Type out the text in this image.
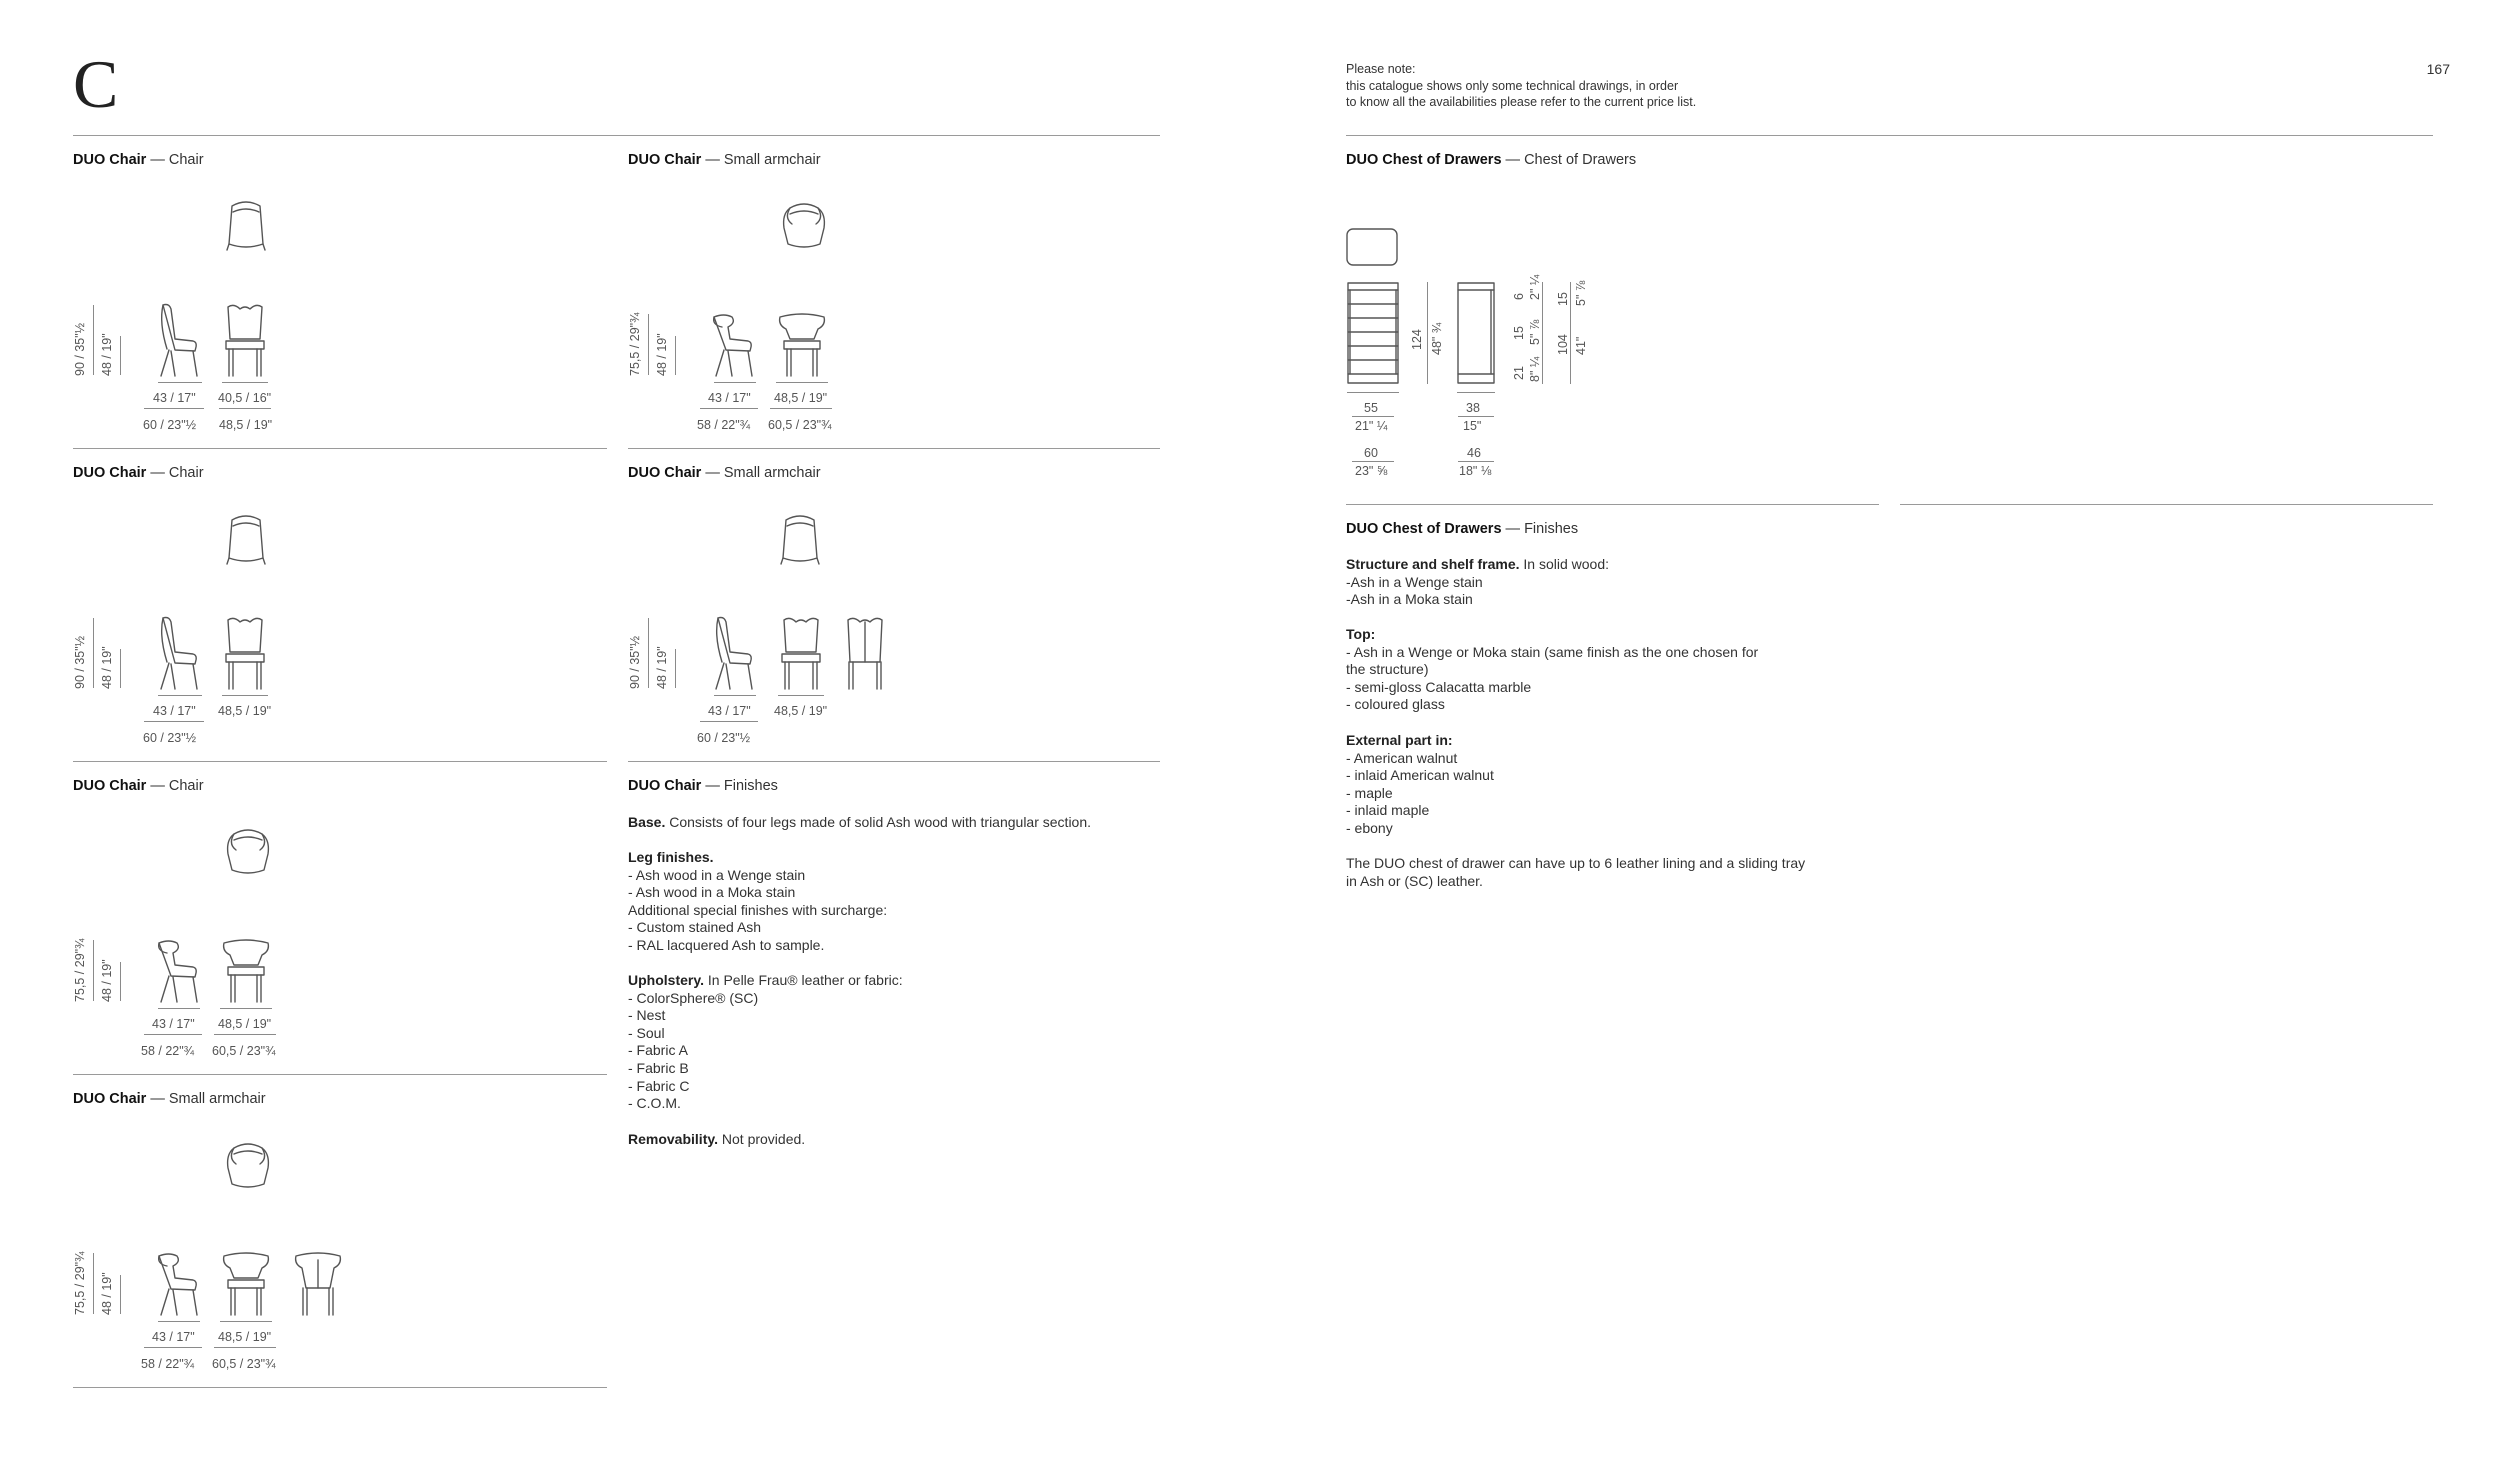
C	167
Please note:
this catalogue shows only some technical drawings, in order
to know all the availabilities please refer to the current price list.
DUO Chair — Chair
90 / 35"½ 48 / 19"
43 / 17" 40,5 / 16"
60 / 23"½ 48,5 / 19"
DUO Chair — Small armchair
75,5 / 29"¾ 48 / 19"
43 / 17" 48,5 / 19"
58 / 22"¾ 60,5 / 23"¾
DUO Chair — Chair
90 / 35"½ 48 / 19"
43 / 17" 48,5 / 19"
60 / 23"½
DUO Chair — Small armchair
90 / 35"½ 48 / 19"
43 / 17" 48,5 / 19"
60 / 23"½
DUO Chair — Chair
75,5 / 29"¾ 48 / 19"
43 / 17" 48,5 / 19"
58 / 22"¾ 60,5 / 23"¾
DUO Chair — Small armchair
75,5 / 29"¾ 48 / 19"
43 / 17" 48,5 / 19"
58 / 22"¾ 60,5 / 23"¾
DUO Chair — Finishes
Base. Consists of four legs made of solid Ash wood with triangular section.
Leg finishes.
- Ash wood in a Wenge stain
- Ash wood in a Moka stain
Additional special finishes with surcharge:
- Custom stained Ash
- RAL lacquered Ash to sample.
Upholstery. In Pelle Frau® leather or fabric:
- ColorSphere® (SC)
- Nest
- Soul
- Fabric A
- Fabric B
- Fabric C
- C.O.M.
Removability. Not provided.
DUO Chest of Drawers — Chest of Drawers
124 48" ¾
6 2" ¼
15 5" ⅞
21 8" ¼
15 5" ⅞
104 41"
55
21" ¼
60
23" ⅝
38
15"
46
18" ⅛
DUO Chest of Drawers — Finishes
Structure and shelf frame. In solid wood:
-Ash in a Wenge stain
-Ash in a Moka stain
Top:
- Ash in a Wenge or Moka stain (same finish as the one chosen for
the structure)
- semi-gloss Calacatta marble
- coloured glass
External part in:
- American walnut
- inlaid American walnut
- maple
- inlaid maple
- ebony
The DUO chest of drawer can have up to 6 leather lining and a sliding tray
in Ash or (SC) leather.
